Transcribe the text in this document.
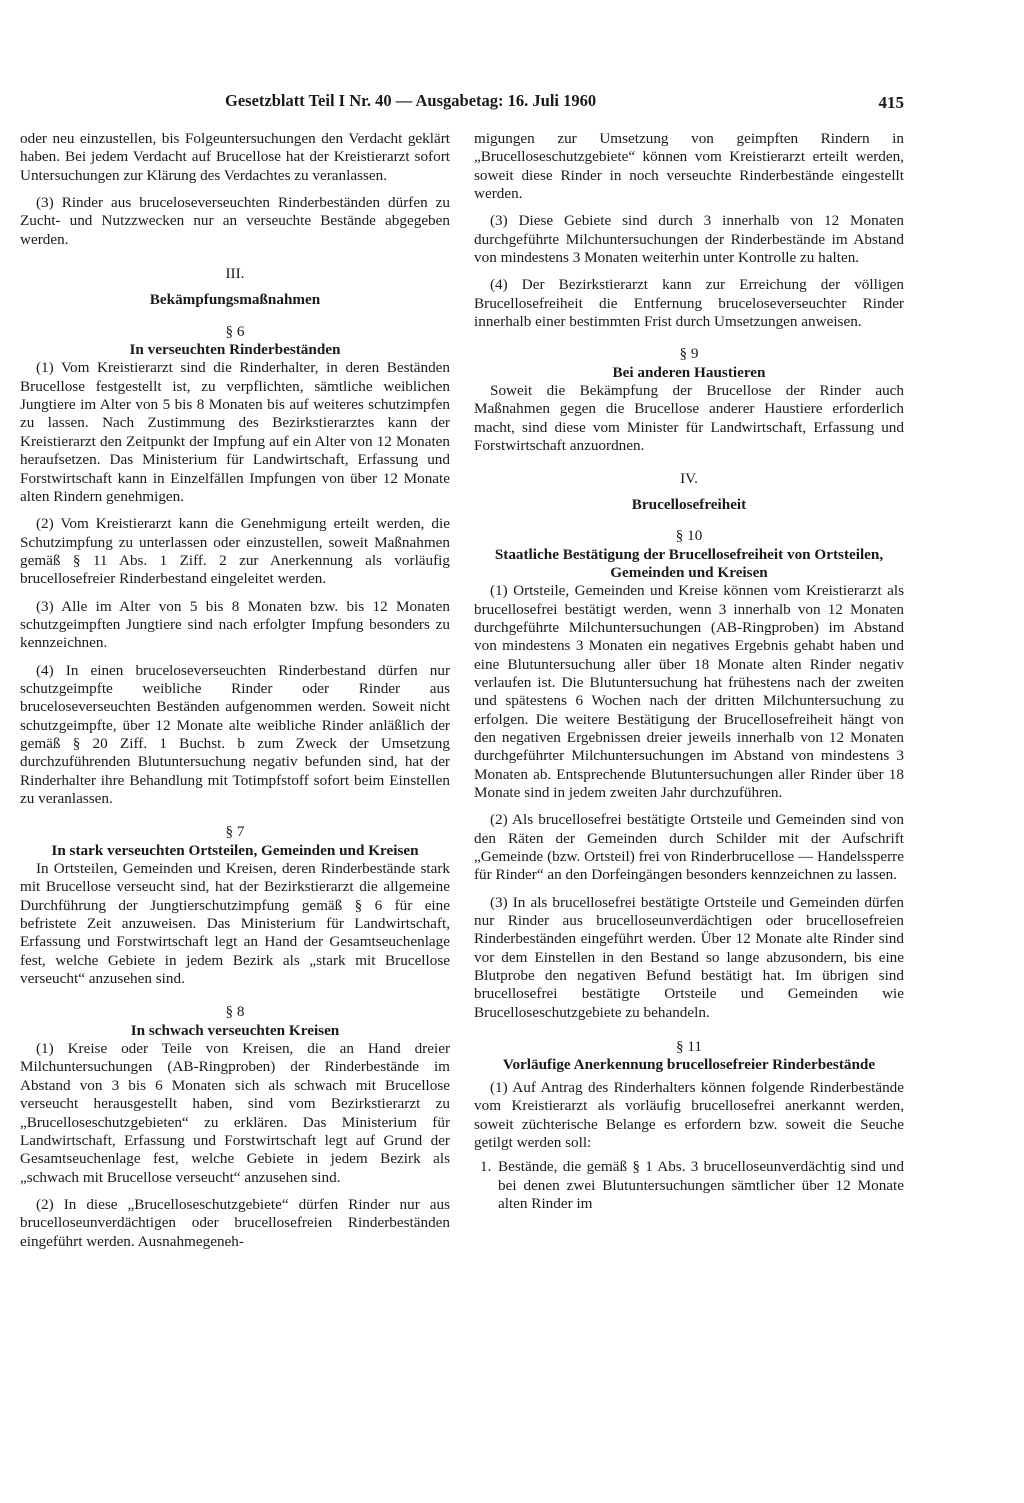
Gesetzblatt Teil I Nr. 40 — Ausgabetag: 16. Juli 1960	415

oder neu einzustellen, bis Folgeuntersuchungen den Verdacht geklärt haben. Bei jedem Verdacht auf Brucellose hat der Kreistierarzt sofort Untersuchungen zur Klärung des Verdachtes zu veranlassen.

(3) Rinder aus bruceloseverseuchten Rinderbeständen dürfen zu Zucht- und Nutzzwecken nur an verseuchte Bestände abgegeben werden.

III.

Bekämpfungsmaßnahmen

§ 6

In verseuchten Rinderbeständen

(1) Vom Kreistierarzt sind die Rinderhalter, in deren Beständen Brucellose festgestellt ist, zu verpflichten, sämtliche weiblichen Jungtiere im Alter von 5 bis 8 Monaten bis auf weiteres schutzimpfen zu lassen. Nach Zustimmung des Bezirkstierarztes kann der Kreistierarzt den Zeitpunkt der Impfung auf ein Alter von 12 Monaten heraufsetzen. Das Ministerium für Landwirtschaft, Erfassung und Forstwirtschaft kann in Einzelfällen Impfungen von über 12 Monate alten Rindern genehmigen.

(2) Vom Kreistierarzt kann die Genehmigung erteilt werden, die Schutzimpfung zu unterlassen oder einzustellen, soweit Maßnahmen gemäß § 11 Abs. 1 Ziff. 2 zur Anerkennung als vorläufig brucellosefreier Rinderbestand eingeleitet werden.

(3) Alle im Alter von 5 bis 8 Monaten bzw. bis 12 Monaten schutzgeimpften Jungtiere sind nach erfolgter Impfung besonders zu kennzeichnen.

(4) In einen bruceloseverseuchten Rinderbestand dürfen nur schutzgeimpfte weibliche Rinder oder Rinder aus bruceloseverseuchten Beständen aufgenommen werden. Soweit nicht schutzgeimpfte, über 12 Monate alte weibliche Rinder anläßlich der gemäß § 20 Ziff. 1 Buchst. b zum Zweck der Umsetzung durchzuführenden Blutuntersuchung negativ befunden sind, hat der Rinderhalter ihre Behandlung mit Totimpfstoff sofort beim Einstellen zu veranlassen.

§ 7

In stark verseuchten Ortsteilen, Gemeinden und Kreisen

In Ortsteilen, Gemeinden und Kreisen, deren Rinderbestände stark mit Brucellose verseucht sind, hat der Bezirkstierarzt die allgemeine Durchführung der Jungtierschutzimpfung gemäß § 6 für eine befristete Zeit anzuweisen. Das Ministerium für Landwirtschaft, Erfassung und Forstwirtschaft legt an Hand der Gesamtseuchenlage fest, welche Gebiete in jedem Bezirk als „stark mit Brucellose verseucht“ anzusehen sind.

§ 8

In schwach verseuchten Kreisen

(1) Kreise oder Teile von Kreisen, die an Hand dreier Milchuntersuchungen (AB-Ringproben) der Rinderbestände im Abstand von 3 bis 6 Monaten sich als schwach mit Brucellose verseucht herausgestellt haben, sind vom Bezirkstierarzt zu „Brucelloseschutzgebieten“ zu erklären. Das Ministerium für Landwirtschaft, Erfassung und Forstwirtschaft legt auf Grund der Gesamtseuchenlage fest, welche Gebiete in jedem Bezirk als „schwach mit Brucellose verseucht“ anzusehen sind.

(2) In diese „Brucelloseschutzgebiete“ dürfen Rinder nur aus brucelloseunverdächtigen oder brucellosefreien Rinderbeständen eingeführt werden. Ausnahmegeneh-

migungen zur Umsetzung von geimpften Rindern in „Brucelloseschutzgebiete“ können vom Kreistierarzt erteilt werden, soweit diese Rinder in noch verseuchte Rinderbestände eingestellt werden.

(3) Diese Gebiete sind durch 3 innerhalb von 12 Monaten durchgeführte Milchuntersuchungen der Rinderbestände im Abstand von mindestens 3 Monaten weiterhin unter Kontrolle zu halten.

(4) Der Bezirkstierarzt kann zur Erreichung der völligen Brucellosefreiheit die Entfernung bruceloseverseuchter Rinder innerhalb einer bestimmten Frist durch Umsetzungen anweisen.

§ 9

Bei anderen Haustieren

Soweit die Bekämpfung der Brucellose der Rinder auch Maßnahmen gegen die Brucellose anderer Haustiere erforderlich macht, sind diese vom Minister für Landwirtschaft, Erfassung und Forstwirtschaft anzuordnen.

IV.

Brucellosefreiheit

§ 10

Staatliche Bestätigung der Brucellosefreiheit von Ortsteilen, Gemeinden und Kreisen

(1) Ortsteile, Gemeinden und Kreise können vom Kreistierarzt als brucellosefrei bestätigt werden, wenn 3 innerhalb von 12 Monaten durchgeführte Milchuntersuchungen (AB-Ringproben) im Abstand von mindestens 3 Monaten ein negatives Ergebnis gehabt haben und eine Blutuntersuchung aller über 18 Monate alten Rinder negativ verlaufen ist. Die Blutuntersuchung hat frühestens nach der zweiten und spätestens 6 Wochen nach der dritten Milchuntersuchung zu erfolgen. Die weitere Bestätigung der Brucellosefreiheit hängt von den negativen Ergebnissen dreier jeweils innerhalb von 12 Monaten durchgeführter Milchuntersuchungen im Abstand von mindestens 3 Monaten ab. Entsprechende Blutuntersuchungen aller Rinder über 18 Monate sind in jedem zweiten Jahr durchzuführen.

(2) Als brucellosefrei bestätigte Ortsteile und Gemeinden sind von den Räten der Gemeinden durch Schilder mit der Aufschrift „Gemeinde (bzw. Ortsteil) frei von Rinderbrucellose — Handelssperre für Rinder“ an den Dorfeingängen besonders kennzeichnen zu lassen.

(3) In als brucellosefrei bestätigte Ortsteile und Gemeinden dürfen nur Rinder aus brucelloseunverdächtigen oder brucellosefreien Rinderbeständen eingeführt werden. Über 12 Monate alte Rinder sind vor dem Einstellen in den Bestand so lange abzusondern, bis eine Blutprobe den negativen Befund bestätigt hat. Im übrigen sind brucellosefrei bestätigte Ortsteile und Gemeinden wie Brucelloseschutzgebiete zu behandeln.

§ 11

Vorläufige Anerkennung brucellosefreier Rinderbestände

(1) Auf Antrag des Rinderhalters können folgende Rinderbestände vom Kreistierarzt als vorläufig brucellosefrei anerkannt werden, soweit züchterische Belange es erfordern bzw. soweit die Seuche getilgt werden soll:

1. Bestände, die gemäß § 1 Abs. 3 brucelloseunverdächtig sind und bei denen zwei Blutuntersuchungen sämtlicher über 12 Monate alten Rinder im
